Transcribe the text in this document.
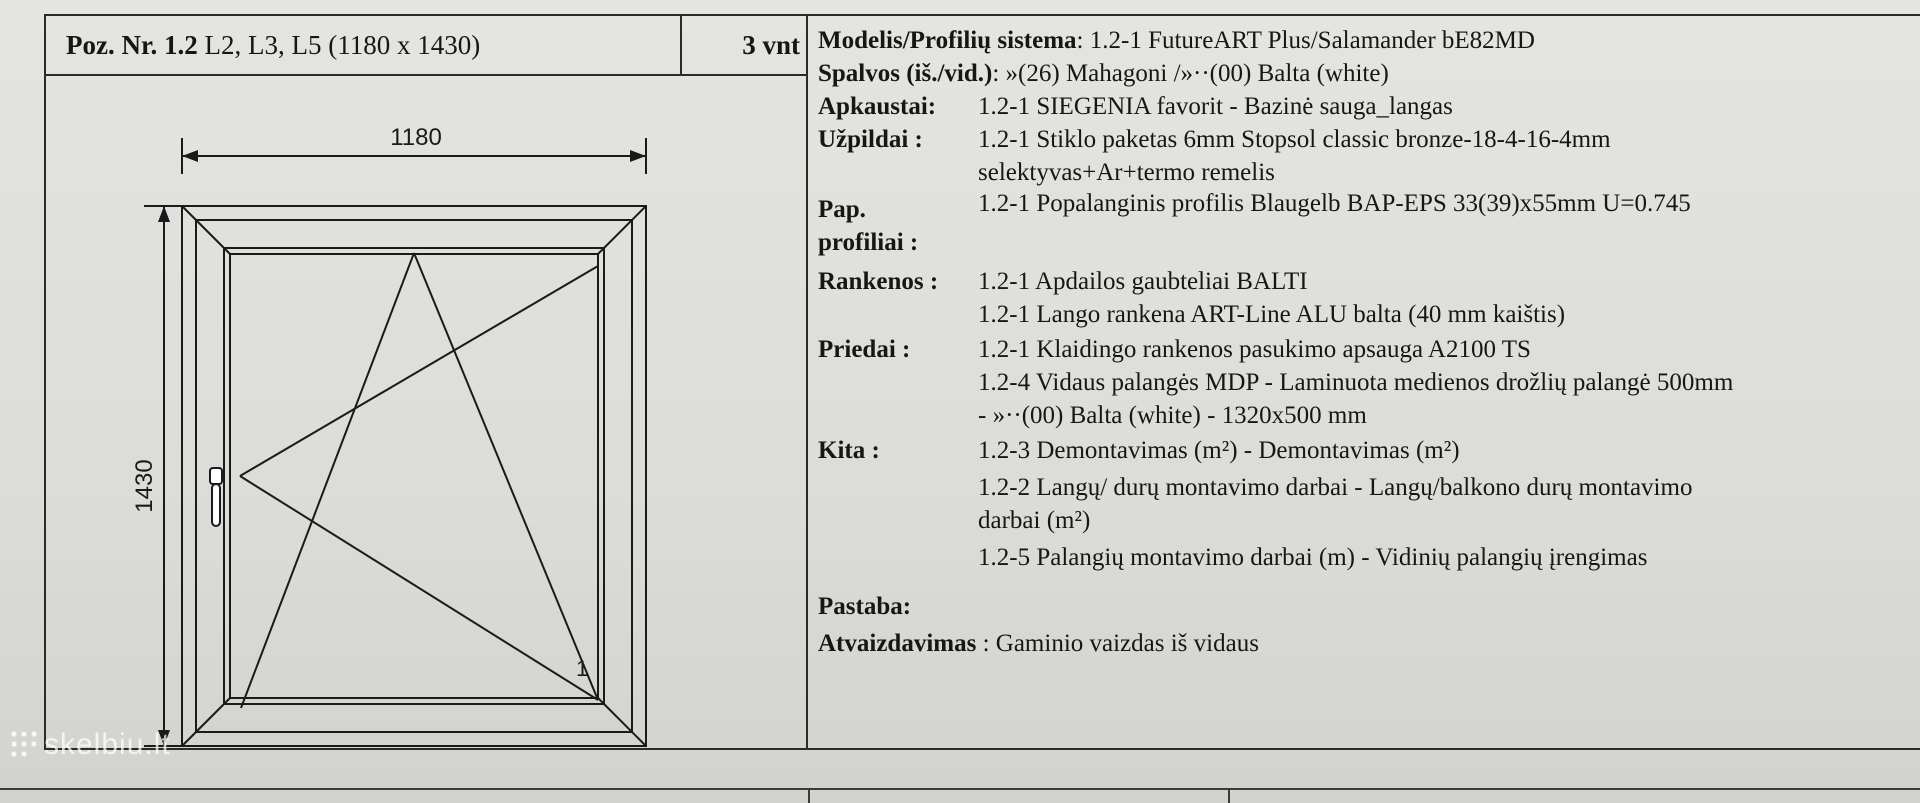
Poz. Nr. 1.2 L2, L3, L5 (1180 x 1430)	3 vnt
1180
1430
1
Modelis/Profilių sistema: 1.2-1 FutureART Plus/Salamander bE82MD
Spalvos (iš./vid.): »(26) Mahagoni /»··(00) Balta (white)
Apkaustai: 1.2-1 SIEGENIA favorit - Bazinė sauga_langas
Užpildai : 1.2-1 Stiklo paketas 6mm Stopsol classic bronze-18-4-16-4mm
selektyvas+Ar+termo remelis
Pap.	1.2-1 Popalanginis profilis Blaugelb BAP-EPS 33(39)x55mm U=0.745
profiliai :
Rankenos : 1.2-1 Apdailos gaubteliai BALTI
1.2-1 Lango rankena ART-Line ALU balta (40 mm kaištis)
Priedai :	1.2-1 Klaidingo rankenos pasukimo apsauga A2100 TS
1.2-4 Vidaus palangės MDP - Laminuota medienos drožlių palangė 500mm
- »··(00) Balta (white) - 1320x500 mm
Kita :	1.2-3 Demontavimas (m²) - Demontavimas (m²)
1.2-2 Langų/ durų montavimo darbai - Langų/balkono durų montavimo
darbai (m²)
1.2-5 Palangių montavimo darbai (m) - Vidinių palangių įrengimas
Pastaba:
Atvaizdavimas : Gaminio vaizdas iš vidaus
skelbiu.lt
